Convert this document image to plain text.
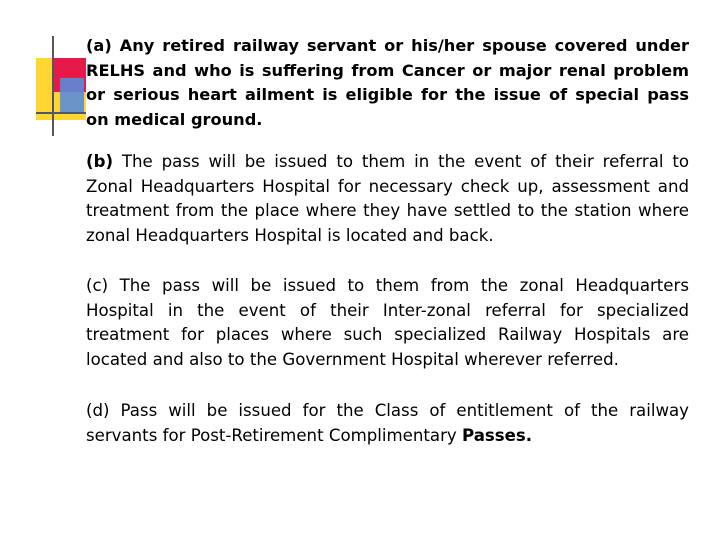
(a) Any retired railway servant or his/her spouse covered under RELHS and who is suffering from Cancer or major renal problem or serious heart ailment is eligible for the issue of special pass on medical ground.

(b) The pass will be issued to them in the event of their referral to Zonal Headquarters Hospital for necessary check up, assessment and treatment from the place where they have settled to the station where zonal Headquarters Hospital is located and back.

(c) The pass will be issued to them from the zonal Headquarters Hospital in the event of their Inter-zonal referral for specialized treatment for places where such specialized Railway Hospitals are located and also to the Government Hospital wherever referred.

(d) Pass will be issued for the Class of entitlement of the railway servants for Post-Retirement Complimentary Passes.
